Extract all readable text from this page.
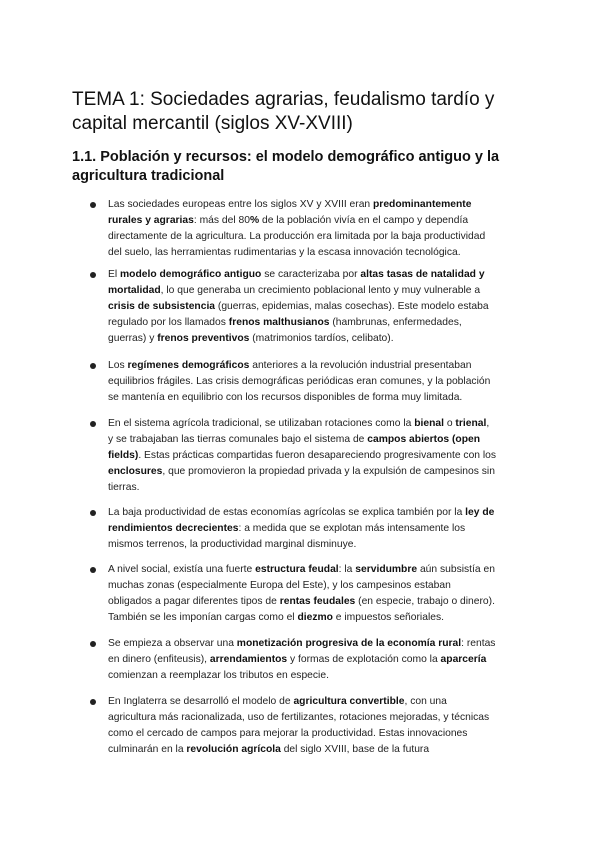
TEMA 1: Sociedades agrarias, feudalismo tardío y capital mercantil (siglos XV-XVIII)
1.1. Población y recursos: el modelo demográfico antiguo y la agricultura tradicional
Las sociedades europeas entre los siglos XV y XVIII eran predominantemente
rurales y agrarias: más del 80% de la población vivía en el campo y dependía
directamente de la agricultura. La producción era limitada por la baja productividad
del suelo, las herramientas rudimentarias y la escasa innovación tecnológica.
El modelo demográfico antiguo se caracterizaba por altas tasas de natalidad y
mortalidad, lo que generaba un crecimiento poblacional lento y muy vulnerable a
crisis de subsistencia (guerras, epidemias, malas cosechas). Este modelo estaba
regulado por los llamados frenos malthusianos (hambrunas, enfermedades,
guerras) y frenos preventivos (matrimonios tardíos, celibato).
Los regímenes demográficos anteriores a la revolución industrial presentaban
equilibrios frágiles. Las crisis demográficas periódicas eran comunes, y la población
se mantenía en equilibrio con los recursos disponibles de forma muy limitada.
En el sistema agrícola tradicional, se utilizaban rotaciones como la bienal o trienal,
y se trabajaban las tierras comunales bajo el sistema de campos abiertos (open
fields). Estas prácticas compartidas fueron desapareciendo progresivamente con los
enclosures, que promovieron la propiedad privada y la expulsión de campesinos sin
tierras.
La baja productividad de estas economías agrícolas se explica también por la ley de
rendimientos decrecientes: a medida que se explotan más intensamente los
mismos terrenos, la productividad marginal disminuye.
A nivel social, existía una fuerte estructura feudal: la servidumbre aún subsistía en
muchas zonas (especialmente Europa del Este), y los campesinos estaban
obligados a pagar diferentes tipos de rentas feudales (en especie, trabajo o dinero).
También se les imponían cargas como el diezmo e impuestos señoriales.
Se empieza a observar una monetización progresiva de la economía rural: rentas
en dinero (enfiteusis), arrendamientos y formas de explotación como la aparcería
comienzan a reemplazar los tributos en especie.
En Inglaterra se desarrolló el modelo de agricultura convertible, con una
agricultura más racionalizada, uso de fertilizantes, rotaciones mejoradas, y técnicas
como el cercado de campos para mejorar la productividad. Estas innovaciones
culminarán en la revolución agrícola del siglo XVIII, base de la futura
